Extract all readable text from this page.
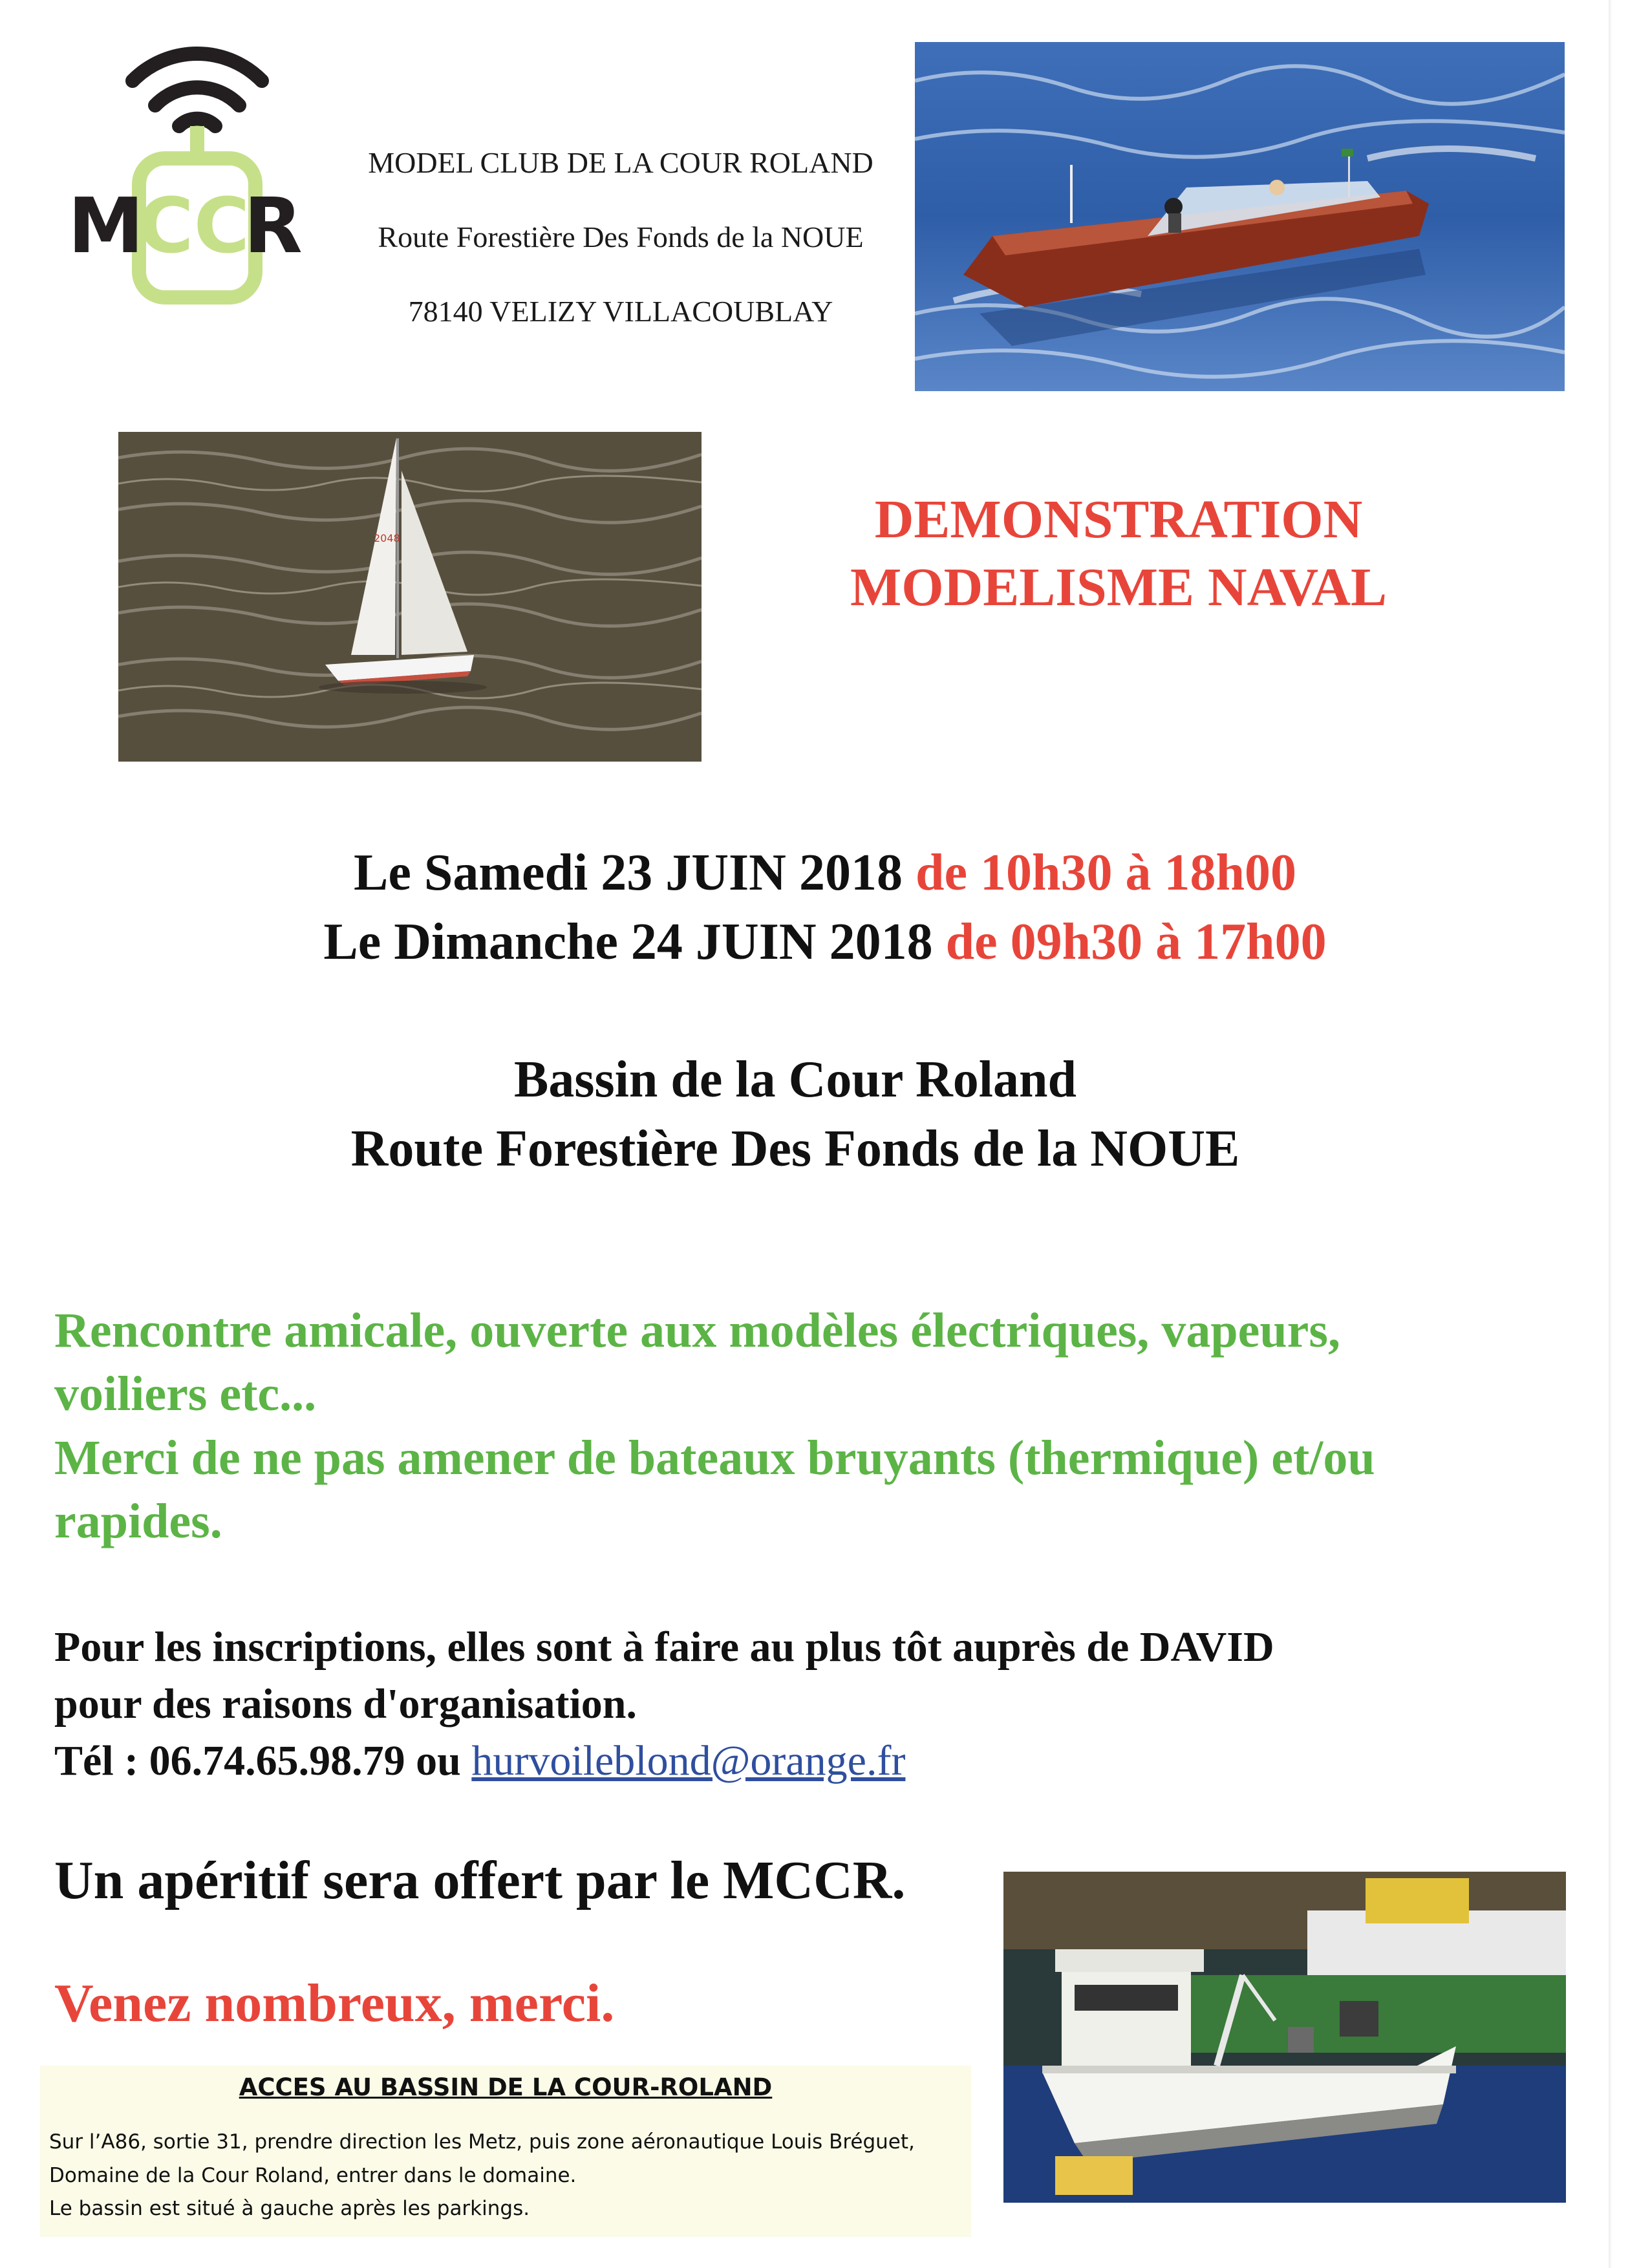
M
CC
R
MODEL CLUB DE LA COUR ROLAND
Route Forestière Des Fonds de la NOUE
78140 VELIZY VILLACOUBLAY
2048	DEMONSTRATION
MODELISME NAVAL
Le Samedi 23 JUIN 2018 de 10h30 à 18h00
Le Dimanche 24 JUIN 2018 de 09h30 à 17h00
Bassin de la Cour Roland
Route Forestière Des Fonds de la NOUE
Rencontre amicale, ouverte aux modèles électriques, vapeurs,
voiliers etc...
Merci de ne pas amener de bateaux bruyants (thermique) et/ou
rapides.
Pour les inscriptions, elles sont à faire au plus tôt auprès de DAVID
pour des raisons d'organisation.
Tél : 06.74.65.98.79 ou hurvoileblond@orange.fr
Un apéritif sera offert par le MCCR.
Venez nombreux, merci.
ACCES AU BASSIN DE LA COUR-ROLAND
Sur l’A86, sortie 31, prendre direction les Metz, puis zone aéronautique Louis Bréguet,
Domaine de la Cour Roland, entrer dans le domaine.
Le bassin est situé à gauche après les parkings.
